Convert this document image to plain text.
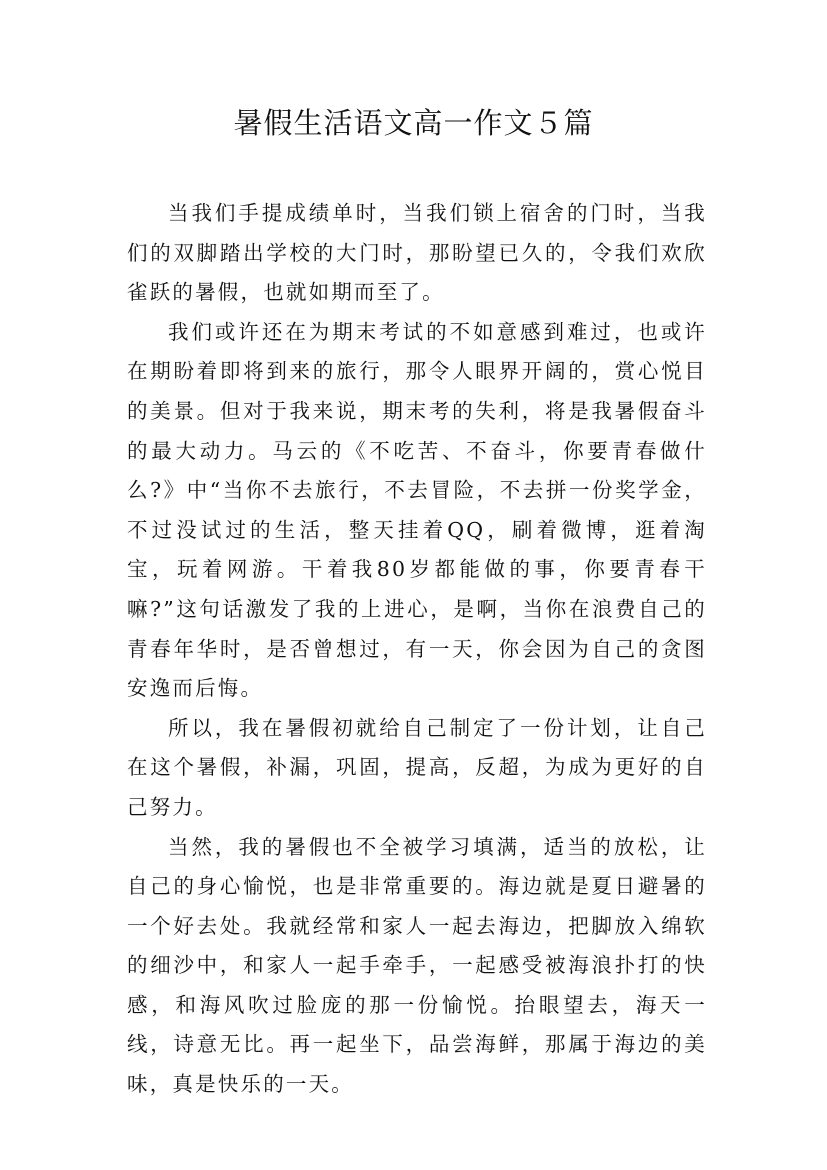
暑假生活语文高一作文５篇

当我们手提成绩单时，当我们锁上宿舍的门时，当我们的双脚踏出学校的大门时，那盼望已久的，令我们欢欣雀跃的暑假，也就如期而至了。

我们或许还在为期末考试的不如意感到难过，也或许在期盼着即将到来的旅行，那令人眼界开阔的，赏心悦目的美景。但对于我来说，期末考的失利，将是我暑假奋斗的最大动力。马云的《不吃苦、不奋斗，你要青春做什么?》中“当你不去旅行，不去冒险，不去拼一份奖学金，不过没试过的生活，整天挂着QQ，刷着微博，逛着淘宝，玩着网游。干着我80岁都能做的事，你要青春干嘛?”这句话激发了我的上进心，是啊，当你在浪费自己的青春年华时，是否曾想过，有一天，你会因为自己的贪图安逸而后悔。

所以，我在暑假初就给自己制定了一份计划，让自己在这个暑假，补漏，巩固，提高，反超，为成为更好的自己努力。

当然，我的暑假也不全被学习填满，适当的放松，让自己的身心愉悦，也是非常重要的。海边就是夏日避暑的一个好去处。我就经常和家人一起去海边，把脚放入绵软的细沙中，和家人一起手牵手，一起感受被海浪扑打的快感，和海风吹过脸庞的那一份愉悦。抬眼望去，海天一线，诗意无比。再一起坐下，品尝海鲜，那属于海边的美味，真是快乐的一天。
